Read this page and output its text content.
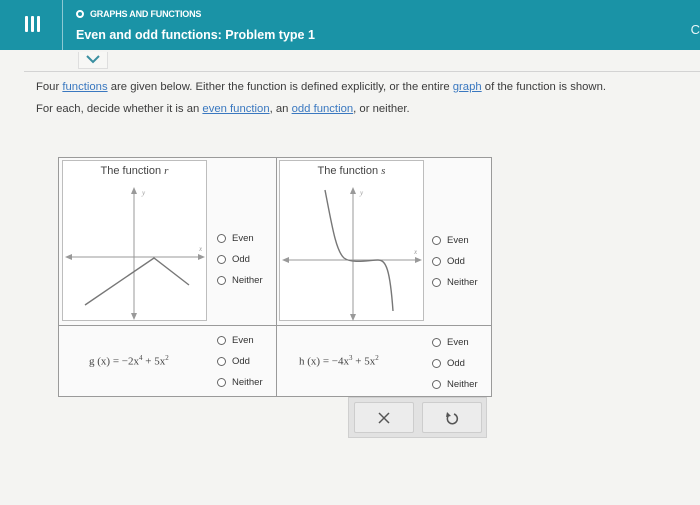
GRAPHS AND FUNCTIONS
Even and odd functions: Problem type 1	C
Four functions are given below. Either the function is defined explicitly, or the entire graph of the function is shown.
For each, decide whether it is an even function, an odd function, or neither.
The function r
y
x
Even
Odd
Neither
The function s
y
x
Even
Odd
Neither
g $(x) = -2x^4 + 5x^2$
Even
Odd
Neither
h $(x) = -4x^3 + 5x^2$
Even
Odd
Neither
